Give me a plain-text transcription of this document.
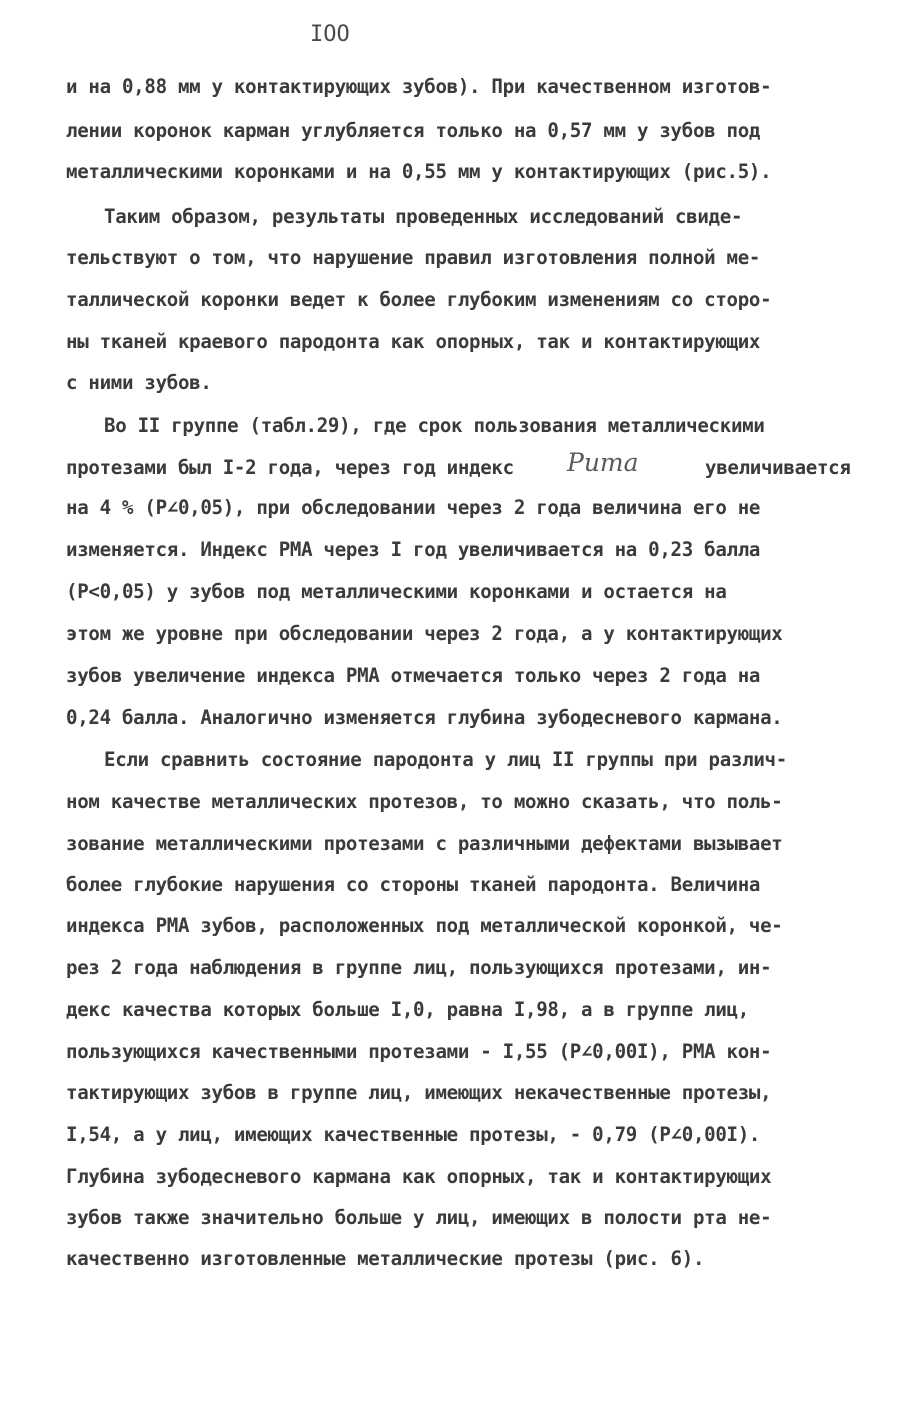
IOO
и на 0,88 мм у контактирующих зубов). При качественном изготов-
лении коронок карман углубляется только на 0,57 мм у зубов под
металлическими коронками и на 0,55 мм у контактирующих (рис.5).
Таким образом, результаты проведенных исследований свиде-
тельствуют о том, что нарушение правил изготовления полной ме-
таллической коронки ведет к более глубоким изменениям со сторо-
ны тканей краевого пародонта как опорных, так и контактирующих
с ними зубов.
Во II группе (табл.29), где срок пользования металлическими
протезами был I-2 года, через год индекс Рита	увеличивается
на 4 % (P∠0,05), при обследовании через 2 года величина его не
изменяется. Индекс РМА через I год увеличивается на 0,23 балла
(P<0,05) у зубов под металлическими коронками и остается на
этом же уровне при обследовании через 2 года, а у контактирующих
зубов увеличение индекса РМА отмечается только через 2 года на
0,24 балла. Аналогично изменяется глубина зубодесневого кармана.
Если сравнить состояние пародонта у лиц II группы при различ-
ном качестве металлических протезов, то можно сказать, что поль-
зование металлическими протезами с различными дефектами вызывает
более глубокие нарушения со стороны тканей пародонта. Величина
индекса РМА зубов, расположенных под металлической коронкой, че-
рез 2 года наблюдения в группе лиц, пользующихся протезами, ин-
декс качества которых больше I,0, равна I,98, а в группе лиц,
пользующихся качественными протезами - I,55 (P∠0,00I), РМА кон-
тактирующих зубов в группе лиц, имеющих некачественные протезы,
I,54, а у лиц, имеющих качественные протезы, - 0,79 (P∠0,00I).
Глубина зубодесневого кармана как опорных, так и контактирующих
зубов также значительно больше у лиц, имеющих в полости рта не-
качественно изготовленные металлические протезы (рис. 6).
